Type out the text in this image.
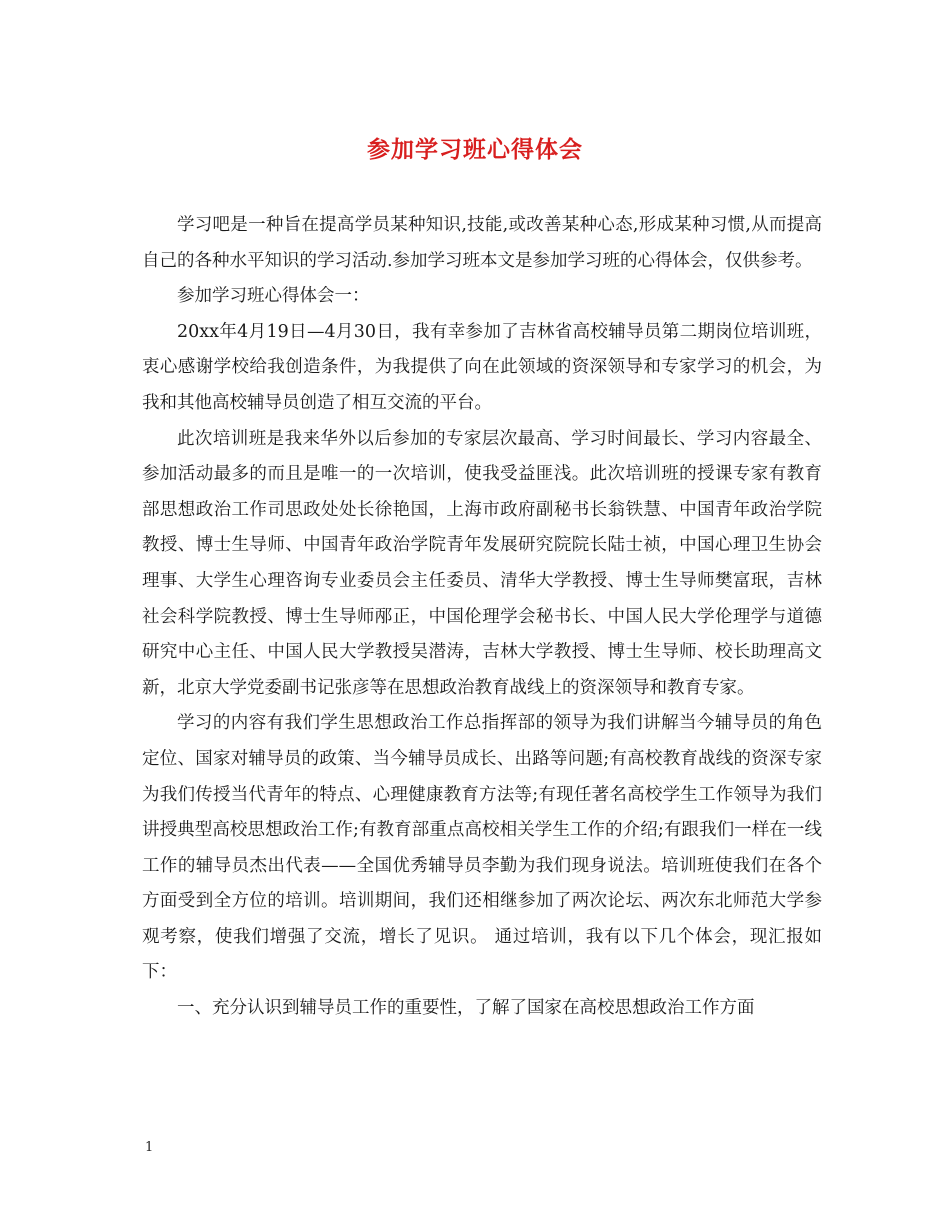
参加学习班心得体会

学习吧是一种旨在提高学员某种知识,技能,或改善某种心态,形成某种习惯,从而提高自己的各种水平知识的学习活动.参加学习班本文是参加学习班的心得体会，仅供参考。

参加学习班心得体会一：

20xx年4月19日—4月30日，我有幸参加了吉林省高校辅导员第二期岗位培训班，衷心感谢学校给我创造条件，为我提供了向在此领域的资深领导和专家学习的机会，为我和其他高校辅导员创造了相互交流的平台。

此次培训班是我来华外以后参加的专家层次最高、学习时间最长、学习内容最全、参加活动最多的而且是唯一的一次培训，使我受益匪浅。此次培训班的授课专家有教育部思想政治工作司思政处处长徐艳国，上海市政府副秘书长翁铁慧、中国青年政治学院教授、博士生导师、中国青年政治学院青年发展研究院院长陆士祯，中国心理卫生协会理事、大学生心理咨询专业委员会主任委员、清华大学教授、博士生导师樊富珉，吉林社会科学院教授、博士生导师邴正，中国伦理学会秘书长、中国人民大学伦理学与道德研究中心主任、中国人民大学教授吴潜涛，吉林大学教授、博士生导师、校长助理高文新，北京大学党委副书记张彦等在思想政治教育战线上的资深领导和教育专家。

学习的内容有我们学生思想政治工作总指挥部的领导为我们讲解当今辅导员的角色定位、国家对辅导员的政策、当今辅导员成长、出路等问题;有高校教育战线的资深专家为我们传授当代青年的特点、心理健康教育方法等;有现任著名高校学生工作领导为我们讲授典型高校思想政治工作;有教育部重点高校相关学生工作的介绍;有跟我们一样在一线工作的辅导员杰出代表——全国优秀辅导员李勤为我们现身说法。培训班使我们在各个方面受到全方位的培训。培训期间，我们还相继参加了两次论坛、两次东北师范大学参观考察，使我们增强了交流，增长了见识。 通过培训，我有以下几个体会，现汇报如下：

一、充分认识到辅导员工作的重要性，了解了国家在高校思想政治工作方面

1
